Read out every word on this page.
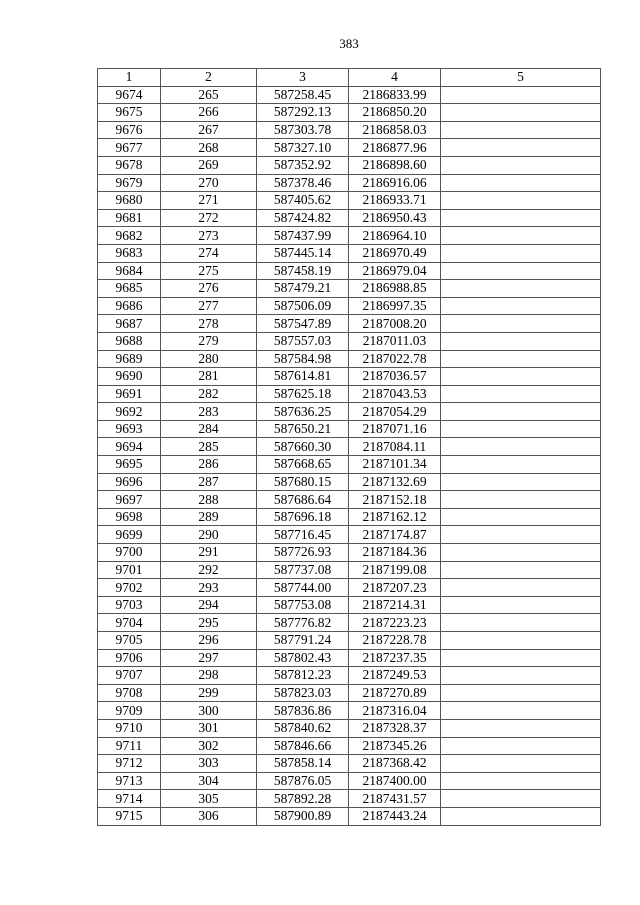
383
1	2	3	4	5
9674	265	587258.45	2186833.99	
9675	266	587292.13	2186850.20	
9676	267	587303.78	2186858.03	
9677	268	587327.10	2186877.96	
9678	269	587352.92	2186898.60	
9679	270	587378.46	2186916.06	
9680	271	587405.62	2186933.71	
9681	272	587424.82	2186950.43	
9682	273	587437.99	2186964.10	
9683	274	587445.14	2186970.49	
9684	275	587458.19	2186979.04	
9685	276	587479.21	2186988.85	
9686	277	587506.09	2186997.35	
9687	278	587547.89	2187008.20	
9688	279	587557.03	2187011.03	
9689	280	587584.98	2187022.78	
9690	281	587614.81	2187036.57	
9691	282	587625.18	2187043.53	
9692	283	587636.25	2187054.29	
9693	284	587650.21	2187071.16	
9694	285	587660.30	2187084.11	
9695	286	587668.65	2187101.34	
9696	287	587680.15	2187132.69	
9697	288	587686.64	2187152.18	
9698	289	587696.18	2187162.12	
9699	290	587716.45	2187174.87	
9700	291	587726.93	2187184.36	
9701	292	587737.08	2187199.08	
9702	293	587744.00	2187207.23	
9703	294	587753.08	2187214.31	
9704	295	587776.82	2187223.23	
9705	296	587791.24	2187228.78	
9706	297	587802.43	2187237.35	
9707	298	587812.23	2187249.53	
9708	299	587823.03	2187270.89	
9709	300	587836.86	2187316.04	
9710	301	587840.62	2187328.37	
9711	302	587846.66	2187345.26	
9712	303	587858.14	2187368.42	
9713	304	587876.05	2187400.00	
9714	305	587892.28	2187431.57	
9715	306	587900.89	2187443.24	
